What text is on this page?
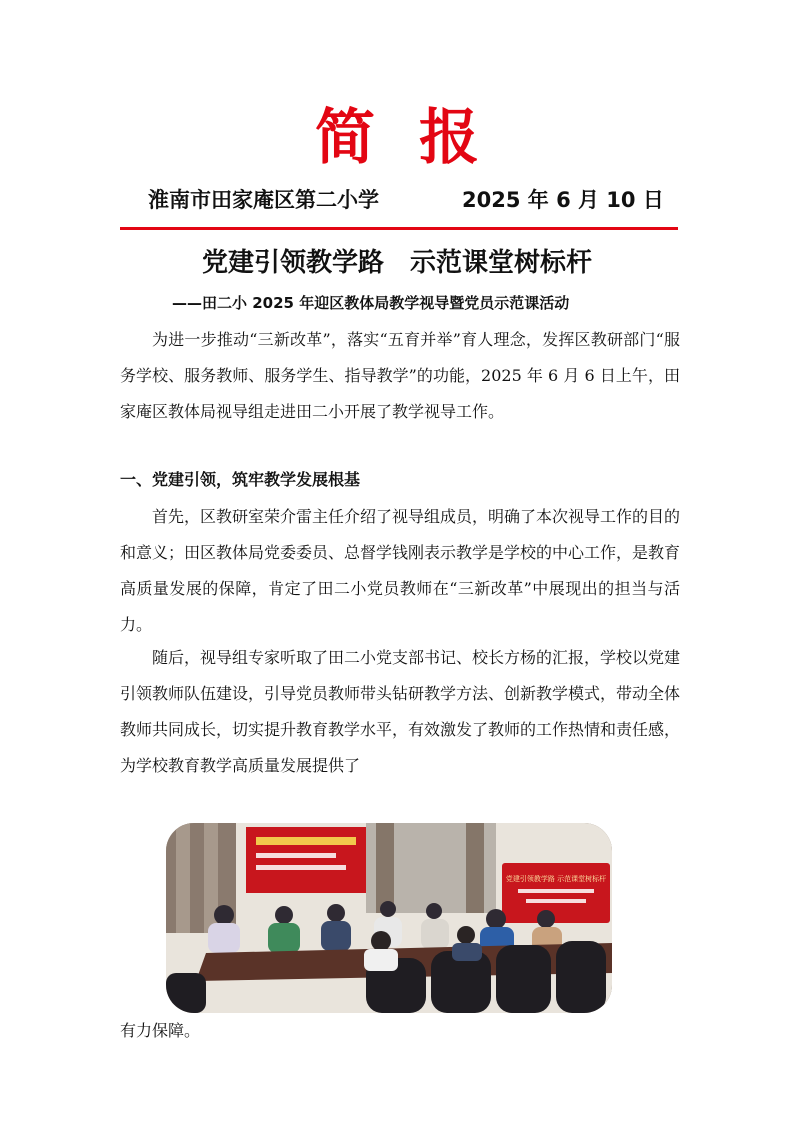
简报
淮南市田家庵区第二小学	2025 年 6 月 10 日
党建引领教学路　示范课堂树标杆
——田二小 2025 年迎区教体局教学视导暨党员示范课活动

为进一步推动“三新改革”，落实“五育并举”育人理念，发挥区教研部门“服务学校、服务教师、服务学生、指导教学”的功能，2025 年 6 月 6 日上午，田家庵区教体局视导组走进田二小开展了教学视导工作。

一、党建引领，筑牢教学发展根基

首先，区教研室荣介雷主任介绍了视导组成员，明确了本次视导工作的目的和意义；田区教体局党委委员、总督学钱刚表示教学是学校的中心工作，是教育高质量发展的保障，肯定了田二小党员教师在“三新改革”中展现出的担当与活力。

随后，视导组专家听取了田二小党支部书记、校长方杨的汇报，学校以党建引领教师队伍建设，引导党员教师带头钻研教学方法、创新教学模式，带动全体教师共同成长，切实提升教育教学水平，有效激发了教师的工作热情和责任感，为学校教育教学高质量发展提供了

党建引领教学路 示范课堂树标杆
有力保障。
